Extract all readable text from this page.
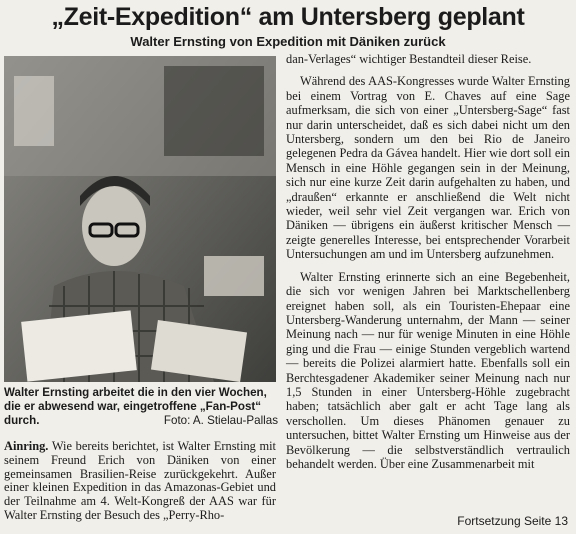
„Zeit-Expedition“ am Untersberg geplant
Walter Ernsting von Expedition mit Däniken zurück
Walter Ernsting arbeitet die in den vier Wochen, die er abwesend war, eingetroffene „Fan-Post“ durch.	Foto: A. Stielau-Pallas

Ainring. Wie bereits berichtet, ist Walter Ernsting mit seinem Freund Erich von Däniken von einer gemeinsamen Brasilien-Reise zurückgekehrt. Außer einer kleinen Expedition in das Amazonas-Gebiet und der Teilnahme am 4. Welt-Kongreß der AAS war für Walter Ernsting der Besuch des „Perry-Rho-

dan-Verlages“ wichtiger Bestandteil dieser Reise.

Während des AAS-Kongresses wurde Walter Ernsting bei einem Vortrag von E. Chaves auf eine Sage aufmerksam, die sich von einer „Untersberg-Sage“ fast nur darin unterscheidet, daß es sich dabei nicht um den Untersberg, sondern um den bei Rio de Janeiro gelegenen Pedra da Gávea handelt. Hier wie dort soll ein Mensch in eine Höhle gegangen sein in der Meinung, sich nur eine kurze Zeit darin aufgehalten zu haben, und „draußen“ erkannte er anschließend die Welt nicht wieder, weil sehr viel Zeit vergangen war. Erich von Däniken — übrigens ein äußerst kritischer Mensch — zeigte generelles Interesse, bei entsprechender Vorarbeit Untersuchungen am und im Untersberg aufzunehmen.

Walter Ernsting erinnerte sich an eine Begebenheit, die sich vor wenigen Jahren bei Marktschellenberg ereignet haben soll, als ein Touristen-Ehepaar eine Untersberg-Wanderung unternahm, der Mann — seiner Meinung nach — nur für wenige Minuten in eine Höhle ging und die Frau — einige Stunden vergeblich wartend — bereits die Polizei alarmiert hatte. Ebenfalls soll ein Berchtesgadener Akademiker seiner Meinung nach nur 1,5 Stunden in einer Untersberg-Höhle zugebracht haben; tatsächlich aber galt er acht Tage lang als verschollen. Um dieses Phänomen genauer zu untersuchen, bittet Walter Ernsting um Hinweise aus der Bevölkerung — die selbstverständlich vertraulich behandelt werden. Über eine Zusammenarbeit mit

Fortsetzung Seite 13
